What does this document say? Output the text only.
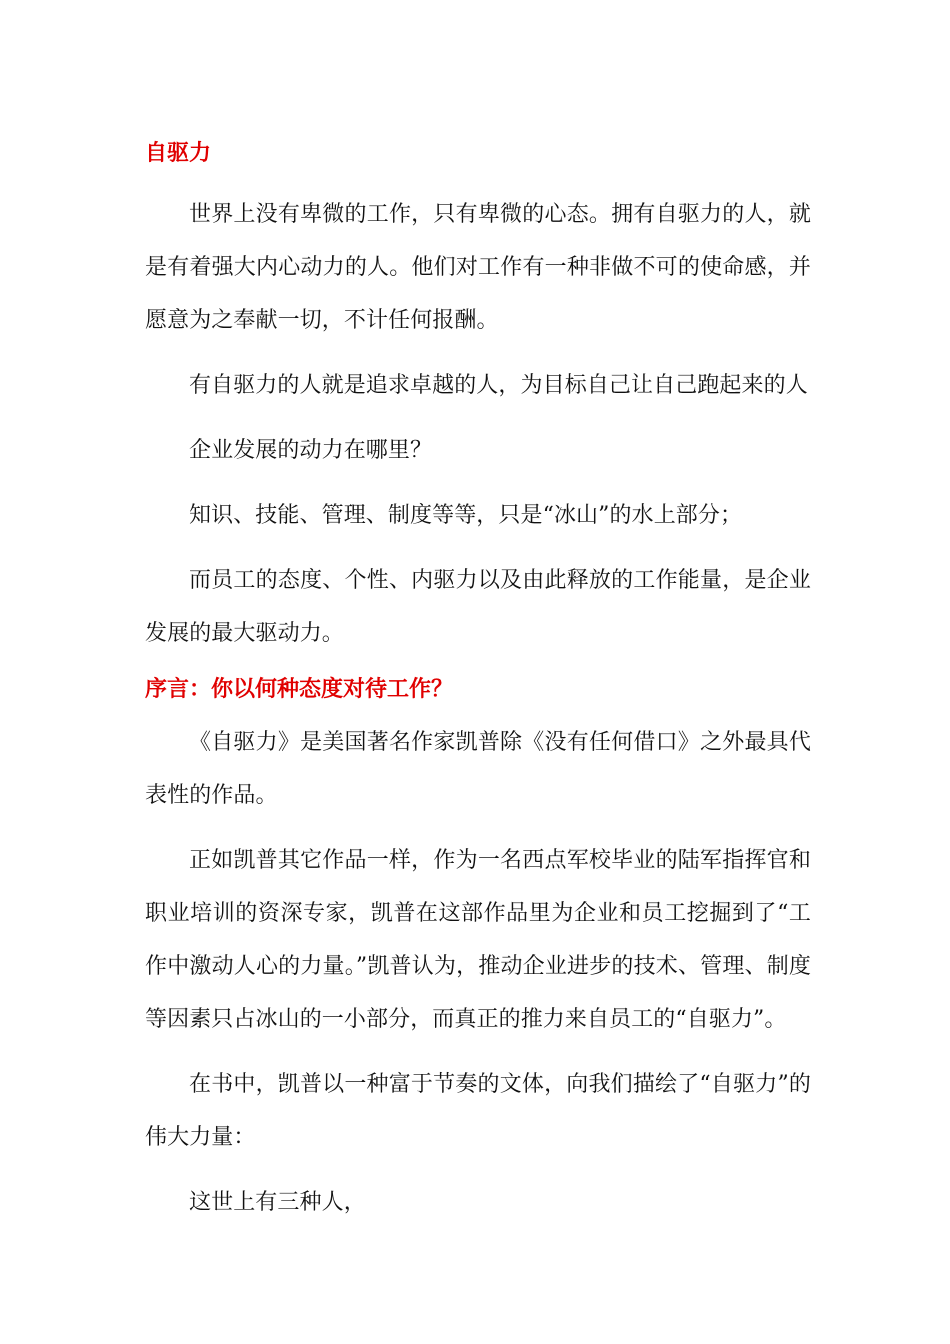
自驱力

世界上没有卑微的工作，只有卑微的心态。拥有自驱力的人，就是有着强大内心动力的人。他们对工作有一种非做不可的使命感，并愿意为之奉献一切，不计任何报酬。

有自驱力的人就是追求卓越的人，为目标自己让自己跑起来的人

企业发展的动力在哪里？

知识、技能、管理、制度等等，只是“冰山”的水上部分；

而员工的态度、个性、内驱力以及由此释放的工作能量，是企业发展的最大驱动力。

序言：你以何种态度对待工作？

《自驱力》是美国著名作家凯普除《没有任何借口》之外最具代表性的作品。

正如凯普其它作品一样，作为一名西点军校毕业的陆军指挥官和职业培训的资深专家，凯普在这部作品里为企业和员工挖掘到了“工作中激动人心的力量。”凯普认为，推动企业进步的技术、管理、制度等因素只占冰山的一小部分，而真正的推力来自员工的“自驱力”。

在书中，凯普以一种富于节奏的文体，向我们描绘了“自驱力”的伟大力量：

这世上有三种人，
